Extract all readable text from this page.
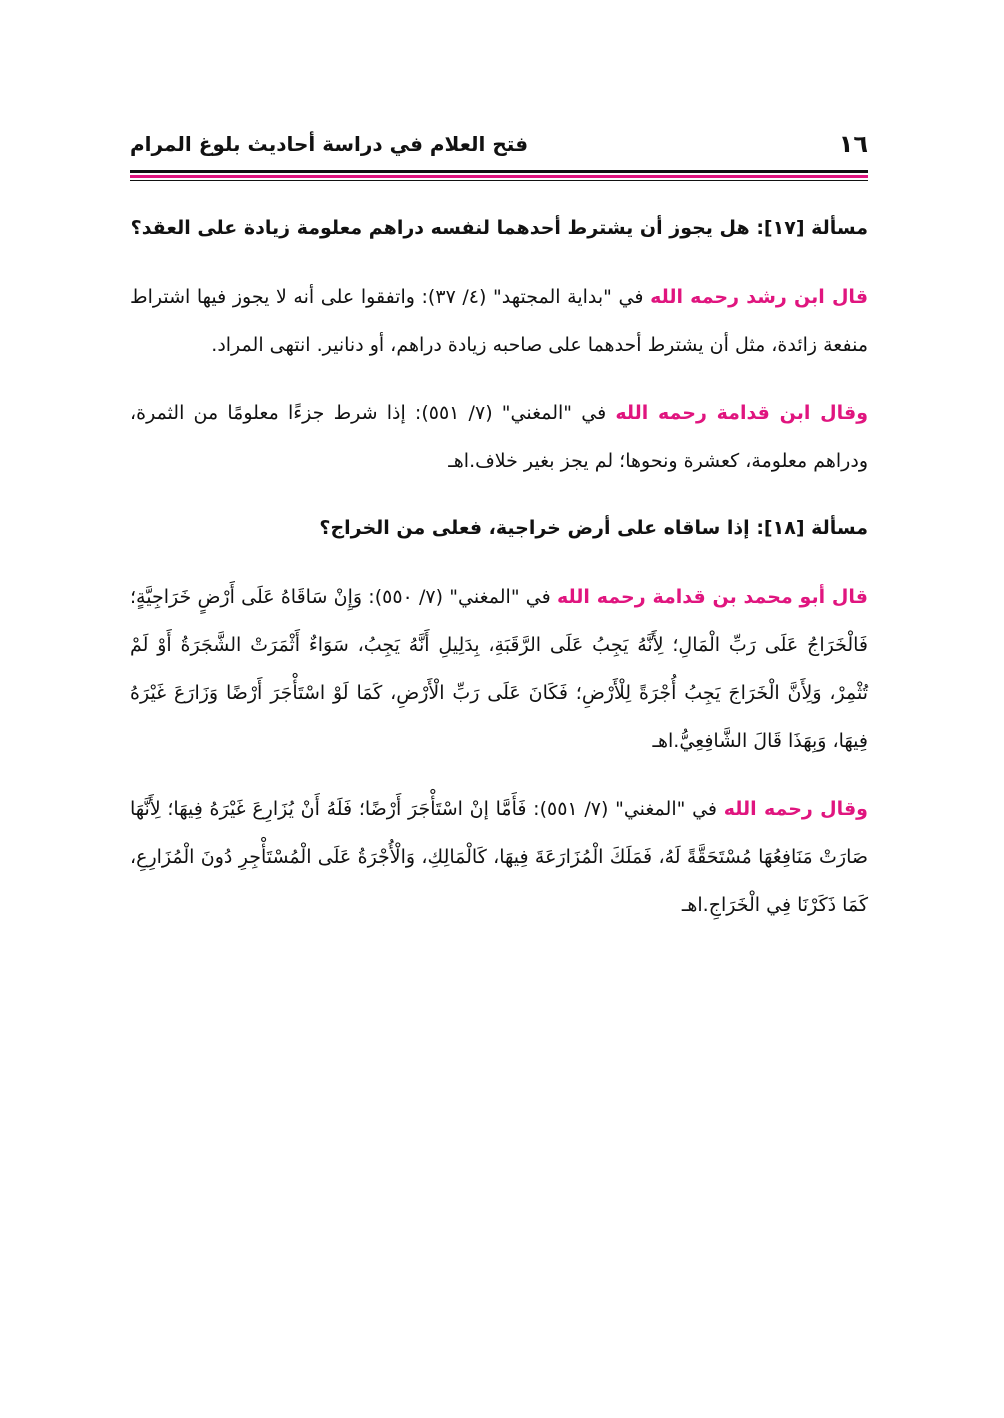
١٦
فتح العلام في دراسة أحاديث بلوغ المرام

مسألة [١٧]: هل يجوز أن يشترط أحدهما لنفسه دراهم معلومة زيادة على العقد؟

قال ابن رشد رحمه الله في "بداية المجتهد" (٤/ ٣٧): واتفقوا على أنه لا يجوز فيها اشتراط منفعة زائدة، مثل أن يشترط أحدهما على صاحبه زيادة دراهم، أو دنانير. انتهى المراد.

وقال ابن قدامة رحمه الله في "المغني" (٧/ ٥٥١): إذا شرط جزءًا معلومًا من الثمرة، ودراهم معلومة، كعشرة ونحوها؛ لم يجز بغير خلاف.اهـ

مسألة [١٨]: إذا ساقاه على أرض خراجية، فعلى من الخراج؟

قال أبو محمد بن قدامة رحمه الله في "المغني" (٧/ ٥٥٠): وَإِنْ سَاقَاهُ عَلَى أَرْضٍ خَرَاجِيَّةٍ؛ فَالْخَرَاجُ عَلَى رَبِّ الْمَالِ؛ لِأَنَّهُ يَجِبُ عَلَى الرَّقَبَةِ، بِدَلِيلِ أَنَّهُ يَجِبُ، سَوَاءٌ أَثْمَرَتْ الشَّجَرَةُ أَوْ لَمْ تُثْمِرْ، وَلِأَنَّ الْخَرَاجَ يَجِبُ أُجْرَةً لِلْأَرْضِ؛ فَكَانَ عَلَى رَبِّ الْأَرْضِ، كَمَا لَوْ اسْتَأْجَرَ أَرْضًا وَزَارَعَ غَيْرَهُ فِيهَا، وَبِهَذَا قَالَ الشَّافِعِيُّ.اهـ

وقال رحمه الله في "المغني" (٧/ ٥٥١): فَأَمَّا إنْ اسْتَأْجَرَ أَرْضًا؛ فَلَهُ أَنْ يُزَارِعَ غَيْرَهُ فِيهَا؛ لِأَنَّهَا صَارَتْ مَنَافِعُهَا مُسْتَحَقَّةً لَهُ، فَمَلَكَ الْمُزَارَعَةَ فِيهَا، كَالْمَالِكِ، وَالْأُجْرَةُ عَلَى الْمُسْتَأْجِرِ دُونَ الْمُزَارِعِ، كَمَا ذَكَرْنَا فِي الْخَرَاجِ.اهـ
